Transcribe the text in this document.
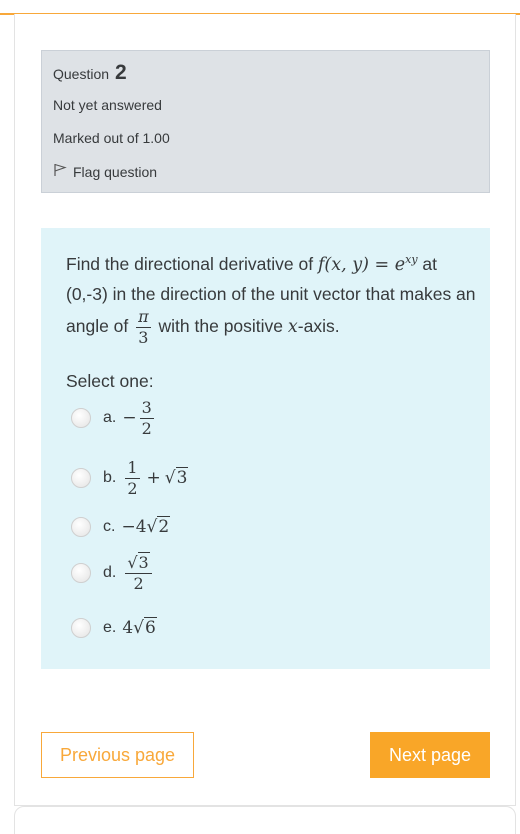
Question 2
Not yet answered
Marked out of 1.00
Flag question
Find the directional derivative of f(x, $y) = e^{xy}$ at (0,-3) in the direction of the unit vector that makes an angle of $\frac{\pi}{3}$ with the positive x-axis.
Select one:
a. − $\frac{3}{2}$
b. $\frac{1}{2} + √3$
c. −4 √2
d. $\frac{√3}{2}$
e. 4 √6
Previous page	Next page
